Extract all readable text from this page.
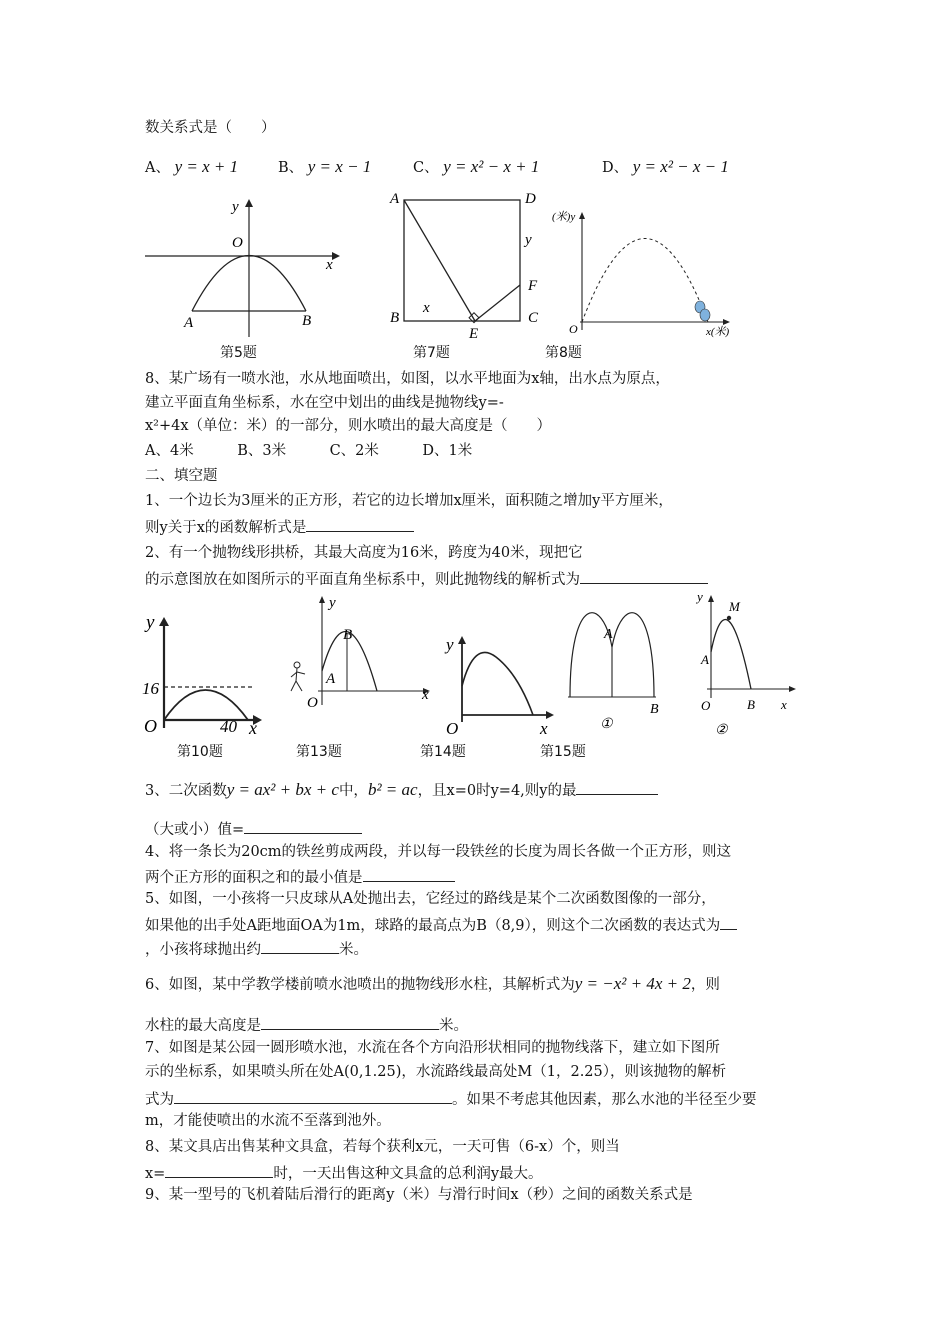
数关系式是（　　）
A、 y = x + 1	B、 y = x − 1	C、 y = x² − x + 1	D、 y = x² − x − 1
y
x
O
A	B
第5题
A	D
y
F
C
B
x
E
第7题
(米)y
x(米)
O
第8题
8、某广场有一喷水池，水从地面喷出，如图，以水平地面为x轴，出水点为原点，
建立平面直角坐标系，水在空中划出的曲线是抛物线y=-
x²+4x（单位：米）的一部分，则水喷出的最大高度是（　　）
A、4米　　　B、3米　　　C、2米　　　D、1米
二、填空题
1、一个边长为3厘米的正方形，若它的边长增加x厘米，面积随之增加y平方厘米，
则y关于x的函数解析式是
2、有一个抛物线形拱桥，其最大高度为16米，跨度为40米，现把它
的示意图放在如图所示的平面直角坐标系中，则此抛物线的解析式为
y
16
O	40 x
第10题
y
B
A
O	x
第13题
y
O	x
第14题
A
B
①
第15题
y
M
A
O	B x
②
3、二次函数y = ax² + bx + c中，b² = ac，且x=0时y=4,则y的最
（大或小）值=
4、将一条长为20cm的铁丝剪成两段，并以每一段铁丝的长度为周长各做一个正方形，则这
两个正方形的面积之和的最小值是
5、如图，一小孩将一只皮球从A处抛出去，它经过的路线是某个二次函数图像的一部分，
如果他的出手处A距地面OA为1m，球路的最高点为B（8,9），则这个二次函数的表达式为
，小孩将球抛出约	米。
6、如图，某中学教学楼前喷水池喷出的抛物线形水柱，其解析式为y = −x² + 4x + 2，则
水柱的最大高度是	米。
7、如图是某公园一圆形喷水池，水流在各个方向沿形状相同的抛物线落下，建立如下图所
示的坐标系，如果喷头所在处A(0,1.25)，水流路线最高处M（1，2.25），则该抛物的解析
式为	。如果不考虑其他因素，那么水池的半径至少要
m，才能使喷出的水流不至落到池外。
8、某文具店出售某种文具盒，若每个获利x元，一天可售（6-x）个，则当
x=	时，一天出售这种文具盒的总利润y最大。
9、某一型号的飞机着陆后滑行的距离y（米）与滑行时间x（秒）之间的函数关系式是
